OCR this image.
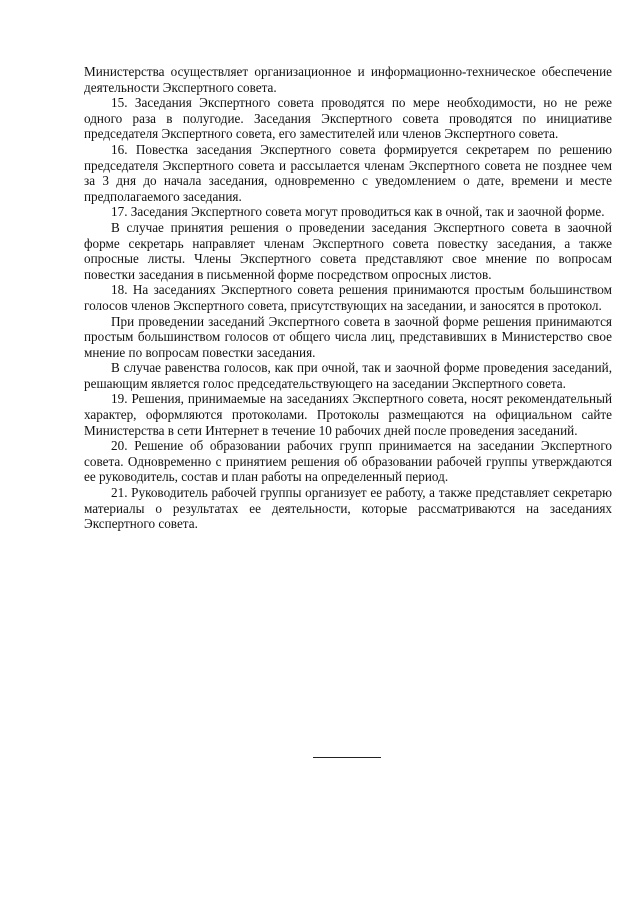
Министерства осуществляет организационное и информационно-техническое обеспечение деятельности Экспертного совета.

15. Заседания Экспертного совета проводятся по мере необходимости, но не реже одного раза в полугодие. Заседания Экспертного совета проводятся по инициативе председателя Экспертного совета, его заместителей или членов Экспертного совета.

16. Повестка заседания Экспертного совета формируется секретарем по решению председателя Экспертного совета и рассылается членам Экспертного совета не позднее чем за 3 дня до начала заседания, одновременно с уведомлением о дате, времени и месте предполагаемого заседания.

17. Заседания Экспертного совета могут проводиться как в очной, так и заочной форме.

В случае принятия решения о проведении заседания Экспертного совета в заочной форме секретарь направляет членам Экспертного совета повестку заседания, а также опросные листы. Члены Экспертного совета представляют свое мнение по вопросам повестки заседания в письменной форме посредством опросных листов.

18. На заседаниях Экспертного совета решения принимаются простым большинством голосов членов Экспертного совета, присутствующих на заседании, и заносятся в протокол.

При проведении заседаний Экспертного совета в заочной форме решения принимаются простым большинством голосов от общего числа лиц, представивших в Министерство свое мнение по вопросам повестки заседания.

В случае равенства голосов, как при очной, так и заочной форме проведения заседаний, решающим является голос председательствующего на заседании Экспертного совета.

19. Решения, принимаемые на заседаниях Экспертного совета, носят рекомендательный характер, оформляются протоколами. Протоколы размещаются на официальном сайте Министерства в сети Интернет в течение 10 рабочих дней после проведения заседаний.

20. Решение об образовании рабочих групп принимается на заседании Экспертного совета. Одновременно с принятием решения об образовании рабочей группы утверждаются ее руководитель, состав и план работы на определенный период.

21. Руководитель рабочей группы организует ее работу, а также представляет секретарю материалы о результатах ее деятельности, которые рассматриваются на заседаниях Экспертного совета.
